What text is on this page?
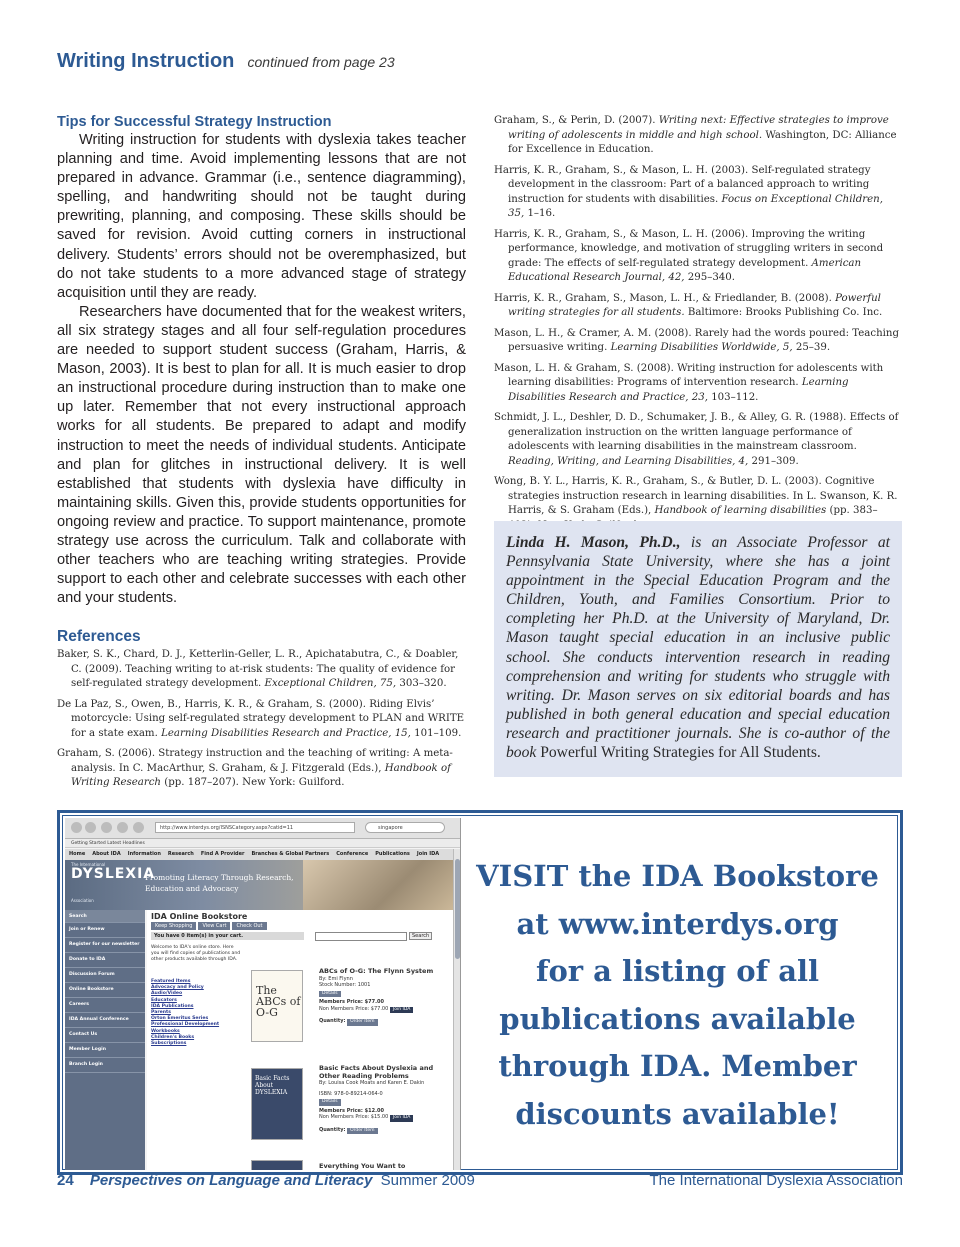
Writing Instruction continued from page 23
Tips for Successful Strategy Instruction

Writing instruction for students with dyslexia takes teacher planning and time. Avoid implementing lessons that are not prepared in advance. Grammar (i.e., sentence diagramming), spelling, and handwriting should not be taught during prewriting, planning, and composing. These skills should be saved for revision. Avoid cutting corners in instructional delivery. Students’ errors should not be overemphasized, but do not take students to a more advanced stage of strategy acquisition until they are ready.

Researchers have documented that for the weakest writers, all six strategy stages and all four self-regulation procedures are needed to support student success (Graham, Harris, & Mason, 2003). It is best to plan for all. It is much easier to drop an instructional procedure during instruction than to make one up later. Remember that not every instructional approach works for all students. Be prepared to adapt and modify instruction to meet the needs of individual students. Anticipate and plan for glitches in instructional delivery. It is well established that students with dyslexia have difficulty in maintaining skills. Given this, provide students opportunities for ongoing review and practice. To support maintenance, promote strategy use across the curriculum. Talk and collaborate with other teachers who are teaching writing strategies. Provide support to each other and celebrate successes with each other and your students.

References

Baker, S. K., Chard, D. J., Ketterlin-Geller, L. R., Apichatabutra, C., & Doabler, C. (2009). Teaching writing to at-risk students: The quality of evidence for self-regulated strategy development. Exceptional Children, 75, 303–320.

De La Paz, S., Owen, B., Harris, K. R., & Graham, S. (2000). Riding Elvis’ motorcycle: Using self-regulated strategy development to PLAN and WRITE for a state exam. Learning Disabilities Research and Practice, 15, 101–109.

Graham, S. (2006). Strategy instruction and the teaching of writing: A meta-analysis. In C. MacArthur, S. Graham, & J. Fitzgerald (Eds.), Handbook of Writing Research (pp. 187–207). New York: Guilford.

Graham, S., & Perin, D. (2007). Writing next: Effective strategies to improve writing of adolescents in middle and high school. Washington, DC: Alliance for Excellence in Education.

Harris, K. R., Graham, S., & Mason, L. H. (2003). Self-regulated strategy development in the classroom: Part of a balanced approach to writing instruction for students with disabilities. Focus on Exceptional Children, 35, 1–16.

Harris, K. R., Graham, S., & Mason, L. H. (2006). Improving the writing performance, knowledge, and motivation of struggling writers in second grade: The effects of self-regulated strategy development. American Educational Research Journal, 42, 295–340.

Harris, K. R., Graham, S., Mason, L. H., & Friedlander, B. (2008). Powerful writing strategies for all students. Baltimore: Brooks Publishing Co. Inc.

Mason, L. H., & Cramer, A. M. (2008). Rarely had the words poured: Teaching persuasive writing. Learning Disabilities Worldwide, 5, 25–39.

Mason, L. H. & Graham, S. (2008). Writing instruction for adolescents with learning disabilities: Programs of intervention research. Learning Disabilities Research and Practice, 23, 103–112.

Schmidt, J. L., Deshler, D. D., Schumaker, J. B., & Alley, G. R. (1988). Effects of generalization instruction on the written language performance of adolescents with learning disabilities in the mainstream classroom. Reading, Writing, and Learning Disabilities, 4, 291–309.

Wong, B. Y. L., Harris, K. R., Graham, S., & Butler, D. L. (2003). Cognitive strategies instruction research in learning disabilities. In L. Swanson, K. R. Harris, & S. Graham (Eds.), Handbook of learning disabilities (pp. 383–

Linda H. Mason, Ph.D., is an Associate Professor at Pennsylvania State University, where she has a joint appointment in the Special Education Program and the Children, Youth, and Families Consortium. Prior to completing her Ph.D. at the University of Maryland, Dr. Mason taught special education in an inclusive public school. She conducts intervention research in reading comprehension and writing for students who struggle with writing. Dr. Mason serves on six editorial boards and has published in both general education and special education research and practitioner journals. She is co-author of the book Powerful Writing Strategies for All Students.

http://www.interdys.org/ISNSCategory.aspx?catid=11	singapore
Getting Started Latest Headlines
Home About IDA Information Research Find A Provider Branches & Global Partners Conference Publications Join IDA
The International
DYSLEXIA
Association
Promoting Literacy Through Research,
Education and Advocacy
Search
Join or Renew
Register for our newsletter
Donate to IDA
Discussion Forum
Online Bookstore
Careers
IDA Annual Conference
Contact Us
Member Login
Branch Login
IDA Online Bookstore
Keep Shopping View Cart Check Out
You have 0 item(s) in your cart.	Search
Welcome to IDA's online store. Here you will find copies of publications and other products available through IDA.
Featured Items
Advocacy and Policy
Audio/Video
Educators
IDA Publications
Parents
Orton Emeritus Series
Professional Development
Workbooks
Children's Books
Subscriptions
The ABCs of O-G
ABCs of O-G: The Flynn System
By: Emi Flynn
Stock Number: 1001
Details
Members Price: $77.00
Non Members Price: $77.00 Join IDA
Quantity: Order Item
Basic Facts About DYSLEXIA
Basic Facts About Dyslexia and Other Reading Problems
By: Louisa Cook Moats and Karen E. Dakin
ISBN: 978-0-89214-064-0
Details
Members Price: $12.00
Non Members Price: $15.00 Join IDA
Quantity: Order Item
Everything You Want to
VISIT the IDA Bookstore
at www.interdys.org
for a listing of all
publications available
through IDA. Member
discounts available!
24 Perspectives on Language and Literacy Summer 2009	The International Dyslexia Association
